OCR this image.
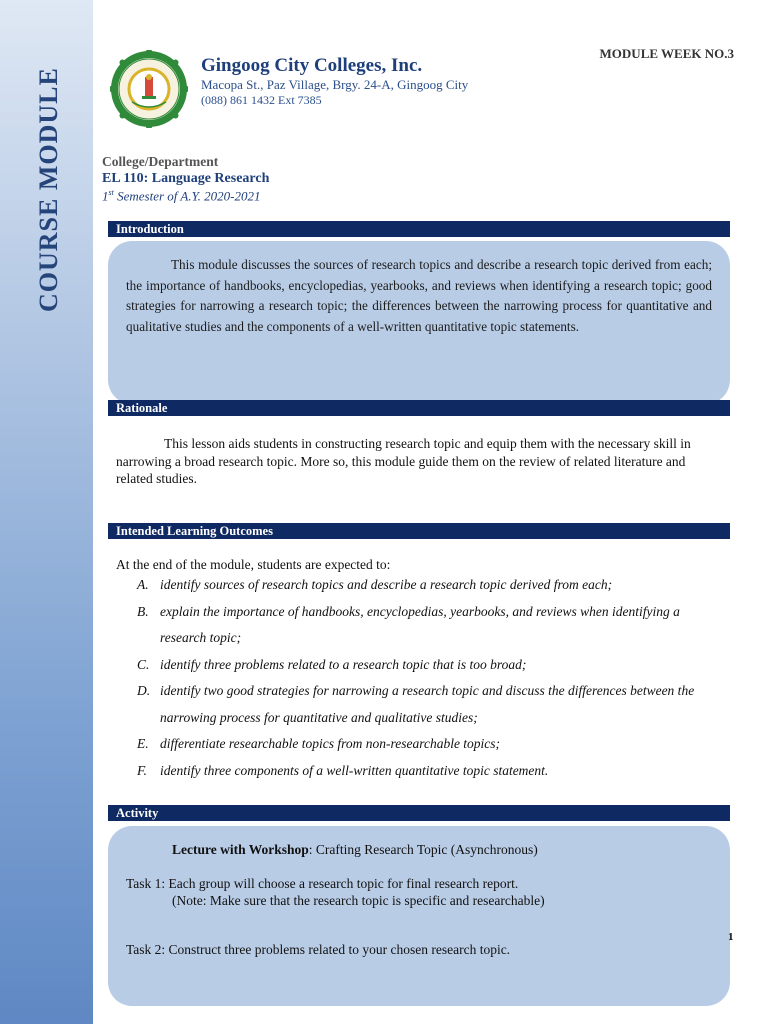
COURSE MODULE
Gingoog City Colleges, Inc.
Macopa St., Paz Village, Brgy. 24-A, Gingoog City
(088) 861 1432 Ext 7385
MODULE WEEK NO.3
College/Department
EL 110: Language Research
1st Semester of A.Y. 2020-2021
Introduction
This module discusses the sources of research topics and describe a research topic derived from each; the importance of handbooks, encyclopedias, yearbooks, and reviews when identifying a research topic; good strategies for narrowing a research topic; the differences between the narrowing process for quantitative and qualitative studies and the components of a well-written quantitative topic statements.
Rationale
This lesson aids students in constructing research topic and equip them with the necessary skill in narrowing a broad research topic. More so, this module guide them on the review of related literature and related studies.
Intended Learning Outcomes
At the end of the module, students are expected to:
A. identify sources of research topics and describe a research topic derived from each;
B. explain the importance of handbooks, encyclopedias, yearbooks, and reviews when identifying a research topic;
C. identify three problems related to a research topic that is too broad;
D. identify two good strategies for narrowing a research topic and discuss the differences between the narrowing process for quantitative and qualitative studies;
E. differentiate researchable topics from non-researchable topics;
F. identify three components of a well-written quantitative topic statement.
Activity
Lecture with Workshop: Crafting Research Topic (Asynchronous)
Task 1: Each group will choose a research topic for final research report.
(Note: Make sure that the research topic is specific and researchable)
Task 2: Construct three problems related to your chosen research topic.
1
